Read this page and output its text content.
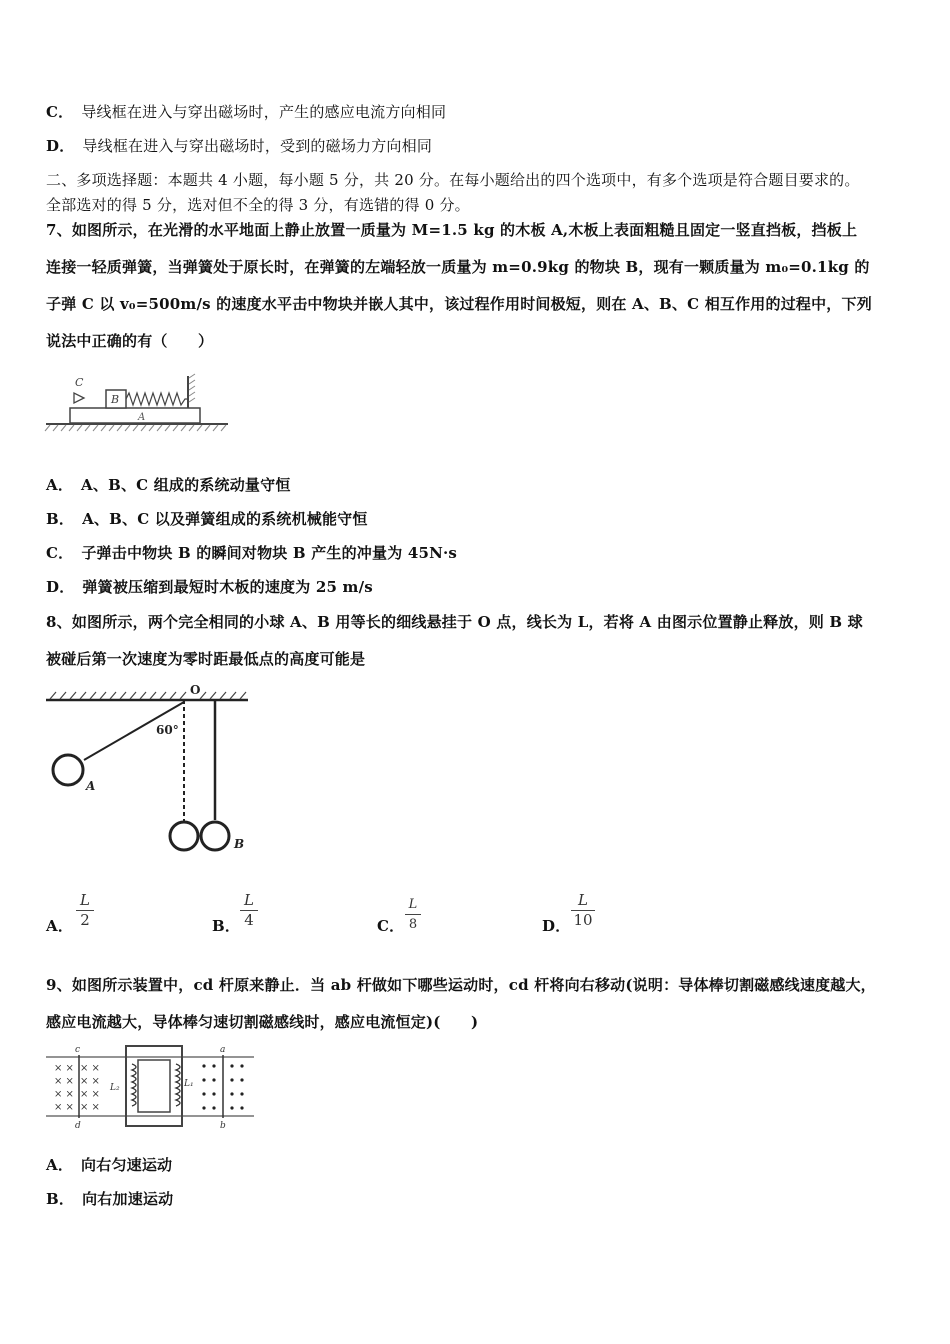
C． 导线框在进入与穿出磁场时，产生的感应电流方向相同
D． 导线框在进入与穿出磁场时，受到的磁场力方向相同
二、多项选择题：本题共 4 小题，每小题 5 分，共 20 分。在每小题给出的四个选项中，有多个选项是符合题目要求的。
全部选对的得 5 分，选对但不全的得 3 分，有选错的得 0 分。
7、如图所示，在光滑的水平地面上静止放置一质量为 M=1.5 kg 的木板 A,木板上表面粗糙且固定一竖直挡板，挡板上
连接一轻质弹簧，当弹簧处于原长时，在弹簧的左端轻放一质量为 m=0.9kg 的物块 B，现有一颗质量为 m₀=0.1kg 的
子弹 C 以 v₀=500m/s 的速度水平击中物块并嵌人其中，该过程作用时间极短，则在 A、B、C 相互作用的过程中，下列
说法中正确的有（　　）
A
B
C
A． A、B、C 组成的系统动量守恒
B． A、B、C 以及弹簧组成的系统机械能守恒
C． 子弹击中物块 B 的瞬间对物块 B 产生的冲量为 45N·s
D． 弹簧被压缩到最短时木板的速度为 25 m/s
8、如图所示，两个完全相同的小球 A、B 用等长的细线悬挂于 O 点，线长为 L，若将 A 由图示位置静止释放，则 B 球
被碰后第一次速度为零时距最低点的高度可能是
O
A
60°
B
A．
L
2	B．
L
4	C．
L
8	D．
L
10
9、如图所示装置中，cd 杆原来静止．当 ab 杆做如下哪些运动时，cd 杆将向右移动(说明：导体棒切割磁感线速度越大，
感应电流越大，导体棒匀速切割磁感线时，感应电流恒定)(　　)
× × × ×
× × × ×
× × × ×
× × × ×
c
d
L₂	L₁
a
b
A． 向右匀速运动
B． 向右加速运动
